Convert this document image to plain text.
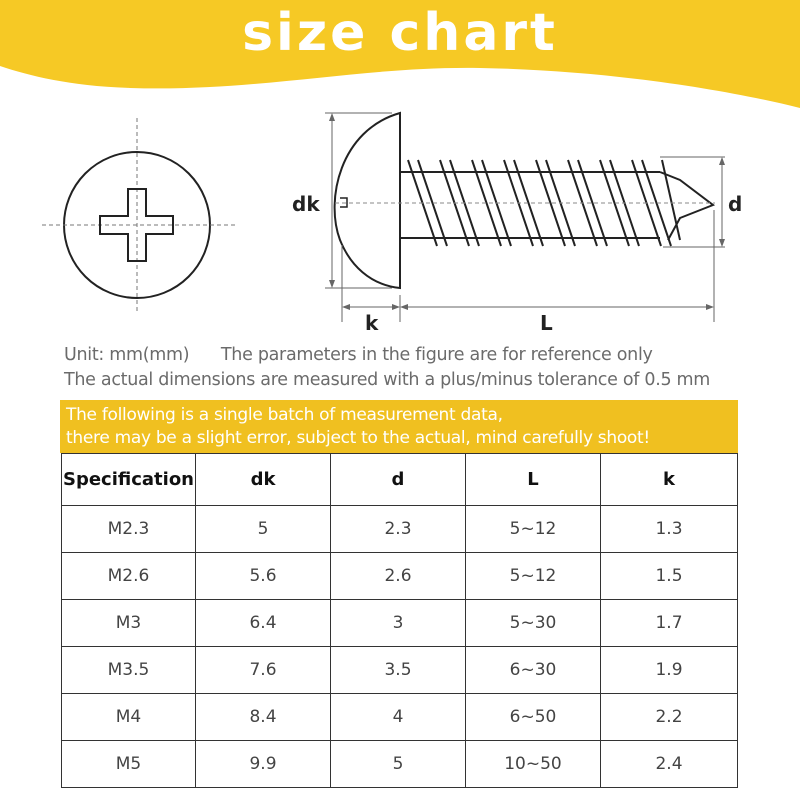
size chart
dk	d
k	L
Unit: mm(mm)      The parameters in the figure are for reference only
The actual dimensions are measured with a plus/minus tolerance of 0.5 mm
The following is a single batch of measurement data,
there may be a slight error, subject to the actual, mind carefully shoot!
Specification	dk	d	L	k
M2.3	5	2.3	5~12	1.3
M2.6	5.6	2.6	5~12	1.5
M3	6.4	3	5~30	1.7
M3.5	7.6	3.5	6~30	1.9
M4	8.4	4	6~50	2.2
M5	9.9	5	10~50	2.4
